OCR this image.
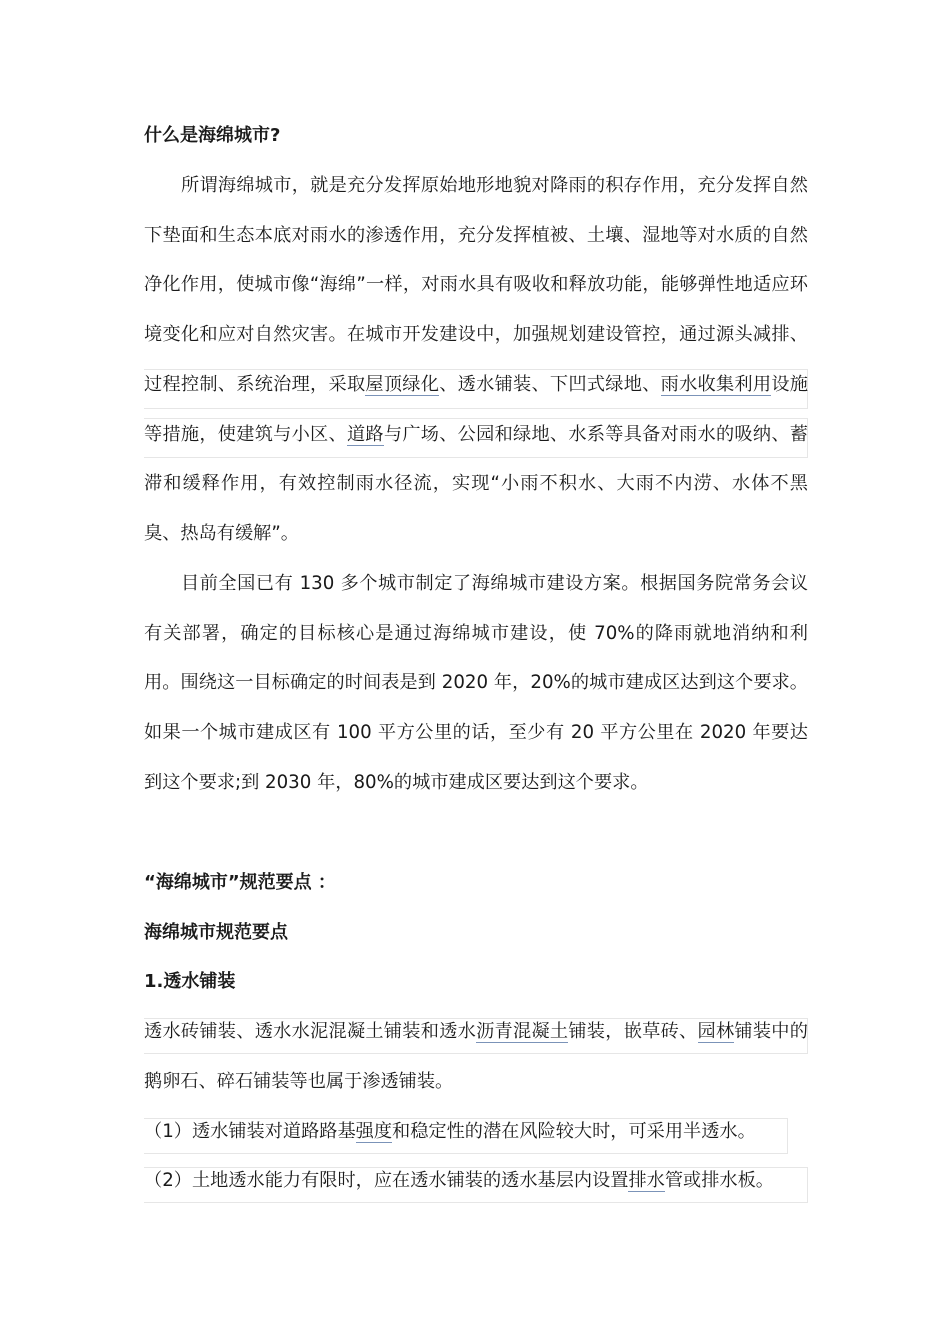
什么是海绵城市?

所谓海绵城市，就是充分发挥原始地形地貌对降雨的积存作用，充分发挥自然下垫面和生态本底对雨水的渗透作用，充分发挥植被、土壤、湿地等对水质的自然净化作用，使城市像“海绵”一样，对雨水具有吸收和释放功能，能够弹性地适应环境变化和应对自然灾害。在城市开发建设中，加强规划建设管控，通过源头减排、过程控制、系统治理，采取屋顶绿化、透水铺装、下凹式绿地、雨水收集利用设施等措施，使建筑与小区、道路与广场、公园和绿地、水系等具备对雨水的吸纳、蓄滞和缓释作用，有效控制雨水径流，实现“小雨不积水、大雨不内涝、水体不黑臭、热岛有缓解”。

目前全国已有 130 多个城市制定了海绵城市建设方案。根据国务院常务会议有关部署，确定的目标核心是通过海绵城市建设，使 70%的降雨就地消纳和利用。围绕这一目标确定的时间表是到 2020 年，20%的城市建成区达到这个要求。如果一个城市建成区有 100 平方公里的话，至少有 20 平方公里在 2020 年要达到这个要求;到 2030 年，80%的城市建成区要达到这个要求。

“海绵城市”规范要点 ：
海绵城市规范要点
1.透水铺装

透水砖铺装、透水水泥混凝土铺装和透水沥青混凝土铺装，嵌草砖、园林铺装中的鹅卵石、碎石铺装等也属于渗透铺装。

（1）透水铺装对道路路基强度和稳定性的潜在风险较大时，可采用半透水。
（2）土地透水能力有限时，应在透水铺装的透水基层内设置排水管或排水板。
